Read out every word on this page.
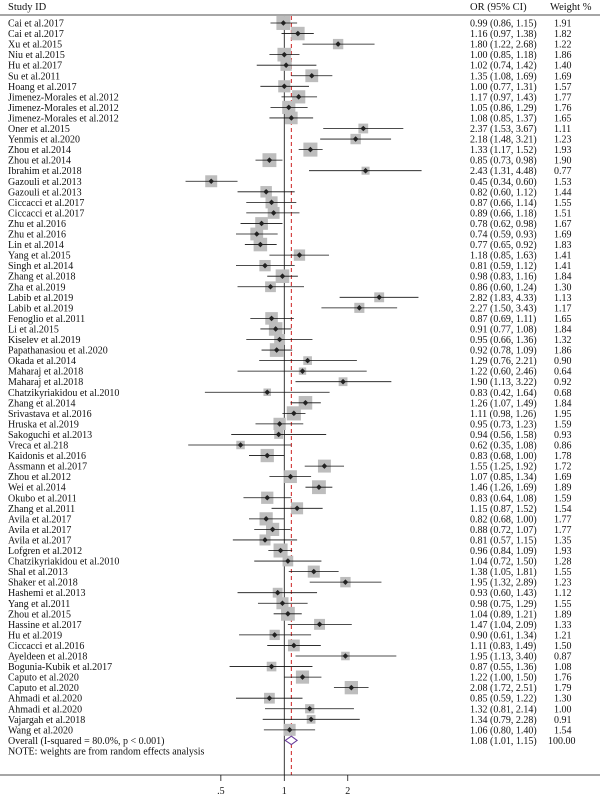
Study ID	OR (95% CI) Weight %
Cai et al.2017	0.99 (0.86, 1.15) 1.91
Cai et al.2017	1.16 (0.97, 1.38) 1.82
Xu et al.2015	1.80 (1.22, 2.68) 1.22
Niu et al.2015	1.00 (0.85, 1.18) 1.86
Hu et al.2017	1.02 (0.74, 1.42) 1.40
Su et al.2011	1.35 (1.08, 1.69) 1.69
Hoang et al.2017	1.00 (0.77, 1.31) 1.57
Jimenez-Morales et al.2012	1.17 (0.97, 1.43) 1.77
Jimenez-Morales et al.2012	1.05 (0.86, 1.29) 1.76
Jimenez-Morales et al.2012	1.08 (0.85, 1.37) 1.65
Oner et al.2015	2.37 (1.53, 3.67) 1.11
Yenmis et al.2020	2.18 (1.48, 3.21) 1.23
Zhou et al.2014	1.33 (1.17, 1.52) 1.93
Zhou et al.2014	0.85 (0.73, 0.98) 1.90
Ibrahim et al.2018	2.43 (1.31, 4.48) 0.77
Gazouli et al.2013	0.45 (0.34, 0.60) 1.53
Gazouli et al.2013	0.82 (0.60, 1.12) 1.44
Ciccacci et al.2017	0.87 (0.66, 1.14) 1.55
Ciccacci et al.2017	0.89 (0.66, 1.18) 1.51
Zhu et al.2016	0.78 (0.62, 0.98) 1.67
Zhu et al.2016	0.74 (0.59, 0.93) 1.69
Lin et al.2014	0.77 (0.65, 0.92) 1.83
Yang et al.2015	1.18 (0.85, 1.63) 1.41
Singh et al.2014	0.81 (0.59, 1.12) 1.41
Zhang et al.2018	0.98 (0.83, 1.16) 1.84
Zha et al.2019	0.86 (0.60, 1.24) 1.30
Labib et al.2019	2.82 (1.83, 4.33) 1.13
Labib et al.2019	2.27 (1.50, 3.43) 1.17
Fenoglio et al.2011	0.87 (0.69, 1.11) 1.65
Li et al.2015	0.91 (0.77, 1.08) 1.84
Kiselev et al.2019	0.95 (0.66, 1.36) 1.32
Papathanasiou et al.2020	0.92 (0.78, 1.09) 1.86
Okada et al.2014	1.29 (0.76, 2.21) 0.90
Maharaj et al.2018	1.22 (0.60, 2.46) 0.64
Maharaj et al.2018	1.90 (1.13, 3.22) 0.92
Chatzikyriakidou et al.2010	0.83 (0.42, 1.64) 0.68
Zhang et al.2014	1.26 (1.07, 1.49) 1.84
Srivastava et al.2016	1.11 (0.98, 1.26) 1.95
Hruska et al.2019	0.95 (0.73, 1.23) 1.59
Sakoguchi et al.2013	0.94 (0.56, 1.58) 0.93
Vreca et al.218	0.62 (0.35, 1.08) 0.86
Kaidonis et al.2016	0.83 (0.68, 1.00) 1.78
Assmann et al.2017	1.55 (1.25, 1.92) 1.72
Zhou et al.2012	1.07 (0.85, 1.34) 1.69
Wei et al.2014	1.46 (1.26, 1.69) 1.89
Okubo et al.2011	0.83 (0.64, 1.08) 1.59
Zhang et al.2011	1.15 (0.87, 1.52) 1.54
Avila et al.2017	0.82 (0.68, 1.00) 1.77
Avila et al.2017	0.88 (0.72, 1.07) 1.77
Avila et al.2017	0.81 (0.57, 1.15) 1.35
Lofgren et al.2012	0.96 (0.84, 1.09) 1.93
Chatzikyriakidou et al.2010	1.04 (0.72, 1.50) 1.28
Shal et al.2013	1.38 (1.05, 1.81) 1.55
Shaker et al.2018	1.95 (1.32, 2.89) 1.23
Hashemi et al.2013	0.93 (0.60, 1.43) 1.12
Yang et al.2011	0.98 (0.75, 1.29) 1.55
Zhou et al.2015	1.04 (0.89, 1.21) 1.89
Hassine et al.2017	1.47 (1.04, 2.09) 1.33
Hu et al.2019	0.90 (0.61, 1.34) 1.21
Ciccacci et al.2016	1.11 (0.83, 1.49) 1.50
Ayeldeen et al.2018	1.95 (1.13, 3.40) 0.87
Bogunia-Kubik et al.2017	0.87 (0.55, 1.36) 1.08
Caputo et al.2020	1.22 (1.00, 1.50) 1.76
Caputo et al.2020	2.08 (1.72, 2.51) 1.79
Ahmadi et al.2020	0.85 (0.59, 1.22) 1.30
Ahmadi et al.2020	1.32 (0.81, 2.14) 1.00
Vajargah et al.2018	1.34 (0.79, 2.28) 0.91
Wang et al.2020	1.06 (0.80, 1.40) 1.54
Overall (I-squared = 80.0%, p < 0.001)	1.08 (1.01, 1.15) 100.00
NOTE: weights are from random effects analysis
.5	1	2
